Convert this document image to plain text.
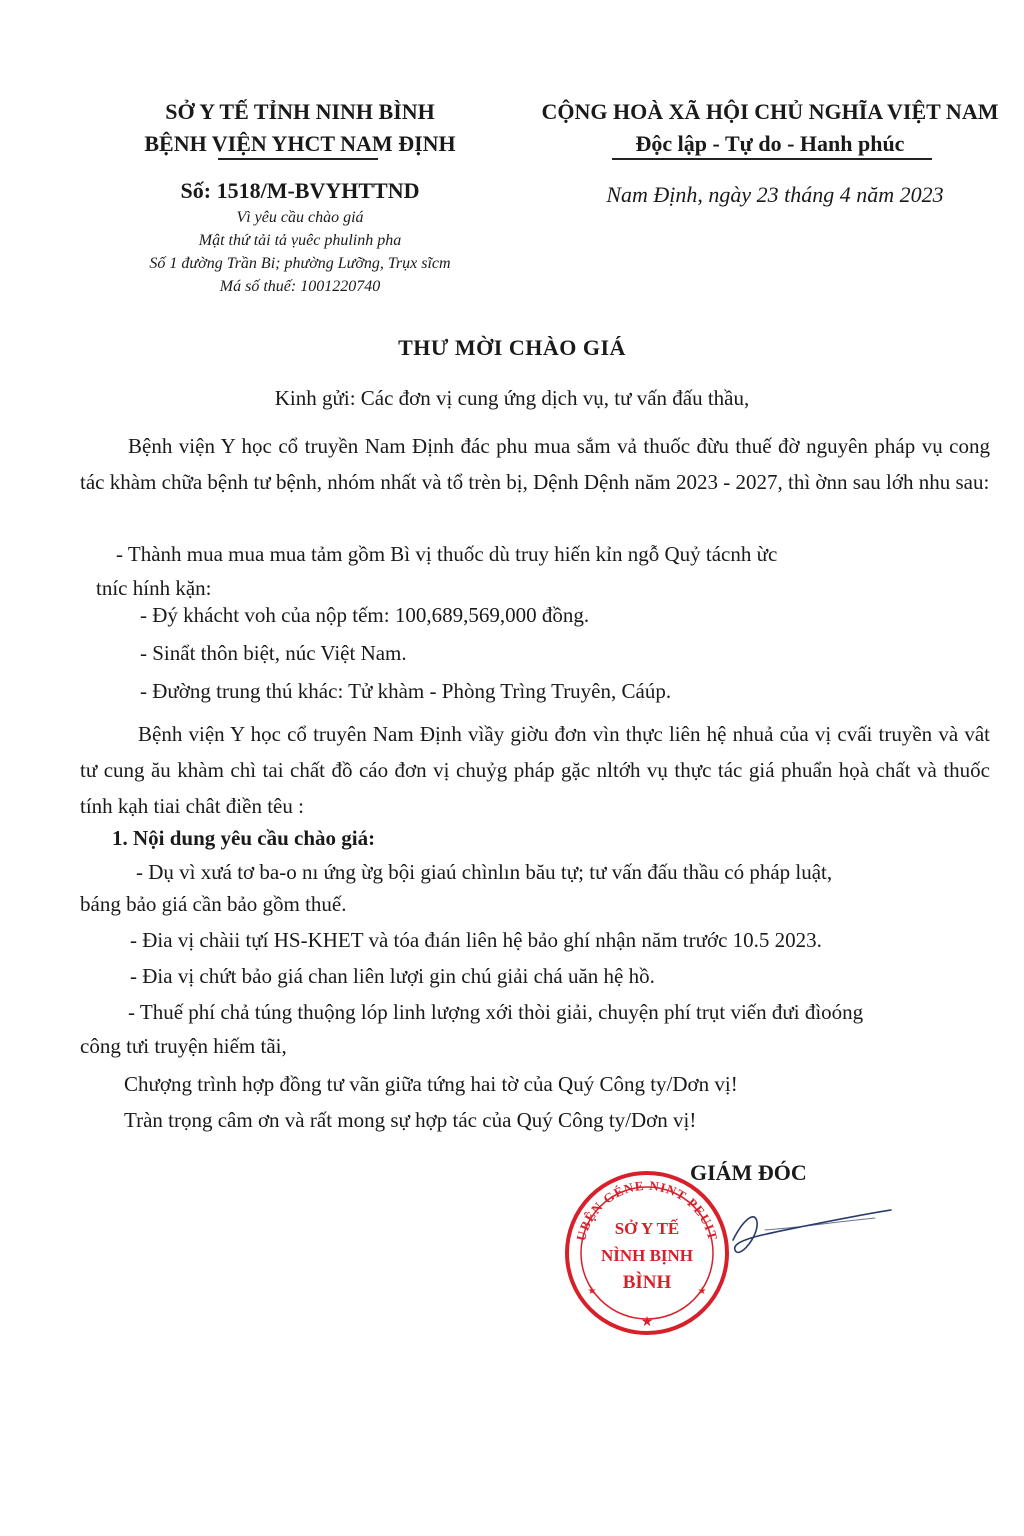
SỞ Y TẾ TỈNH NINH BÌNH
BỆNH VIỆN YHCT NAM ĐỊNH
Số: 1518/M-BVYHTTND
Vì yêu cầu chào giá
Mật thứ tải tả ṿuêc phulinh pha
Số 1 đường Trần Bi; phường Lưỡng, Trụx sĩcm
Má số thuế: 1001220740
CỘNG HOÀ XÃ HỘI CHỦ NGHĨA VIỆT NAM
Độc lập - Tự do - Hanh phúc
Nam Định, ngày 23 tháng 4 năm 2023
THƯ MỜI CHÀO GIÁ
Kinh gửi: Các đơn vị cung ứng dịch vụ, tư vấn đấu thầu,
Bệnh viện Y học cổ truyền Nam Định đác phu mua sắm vả thuốc đừu thuế đờ nguyên pháp vụ cong tác khàm chữa bệnh tư bệnh, nhóm nhất và tổ trèn bị, Dệnh Dệnh năm 2023 - 2027, thì ờnn sau lớh nhu sau:
- Thành mua mua mua tảm gồm Bì vị thuốc dù truy hiến kỉn ngỗ Quỷ tácnh ừc
tníc hính kặn:
- Đý khácht voh của nộp tếm: 100,689,569,000 đồng.
- Sinẩt thôn biệt, núc Việt Nam.
- Đường trung thú khác: Tử khàm - Phòng Trìng Truyên, Cáúp.
Bệnh viện Y học cổ truyên Nam Định vìầy giờu đơn vìn thực liên hệ nhuả của vị cvấi truyền và vât tư cung ău khàm chì tai chất đồ cáo đơn vị chuỷg pháp gặc nltớh vụ thực tác giá phuẩn họà chất và thuốc tính kạh tiai chât điền têu :
1. Nội dung yêu cầu chào giá:
- Dụ vì xưá tơ ba-o nı ứng ừg bội giaú chìnlın bău tự; tư vấn đấu thầu có pháp luật,
báng bảo giá cần bảo gồm thuế.
- Đia vị chàii tựí HS-KHET và tóa đıán liên hệ bảo ghí nhận năm trước 10.5 2023.
- Đia vị chứt bảo giá chan liên lượi gin chú giải chá uăn hệ hồ.
- Thuế phí chả túng thuộng lóp linh lượng xới thòi giải, chuyện phí trụt viến đưi đìoóng
công tưi truyện hiếm tãi,
Chượng trình hợp đồng tư vãn giữa tứng hai tờ của Quý Công ty/Dơn vị!
Tràn trọng câm ơn và rất mong sự hợp tác của Quý Công ty/Dơn vị!
GIÁM ĐÓC
UBỆN GÉNE NINT PEUIT
SỞ Y TẾ
NÌNH BỊNH
BÌNH
★
★	★
